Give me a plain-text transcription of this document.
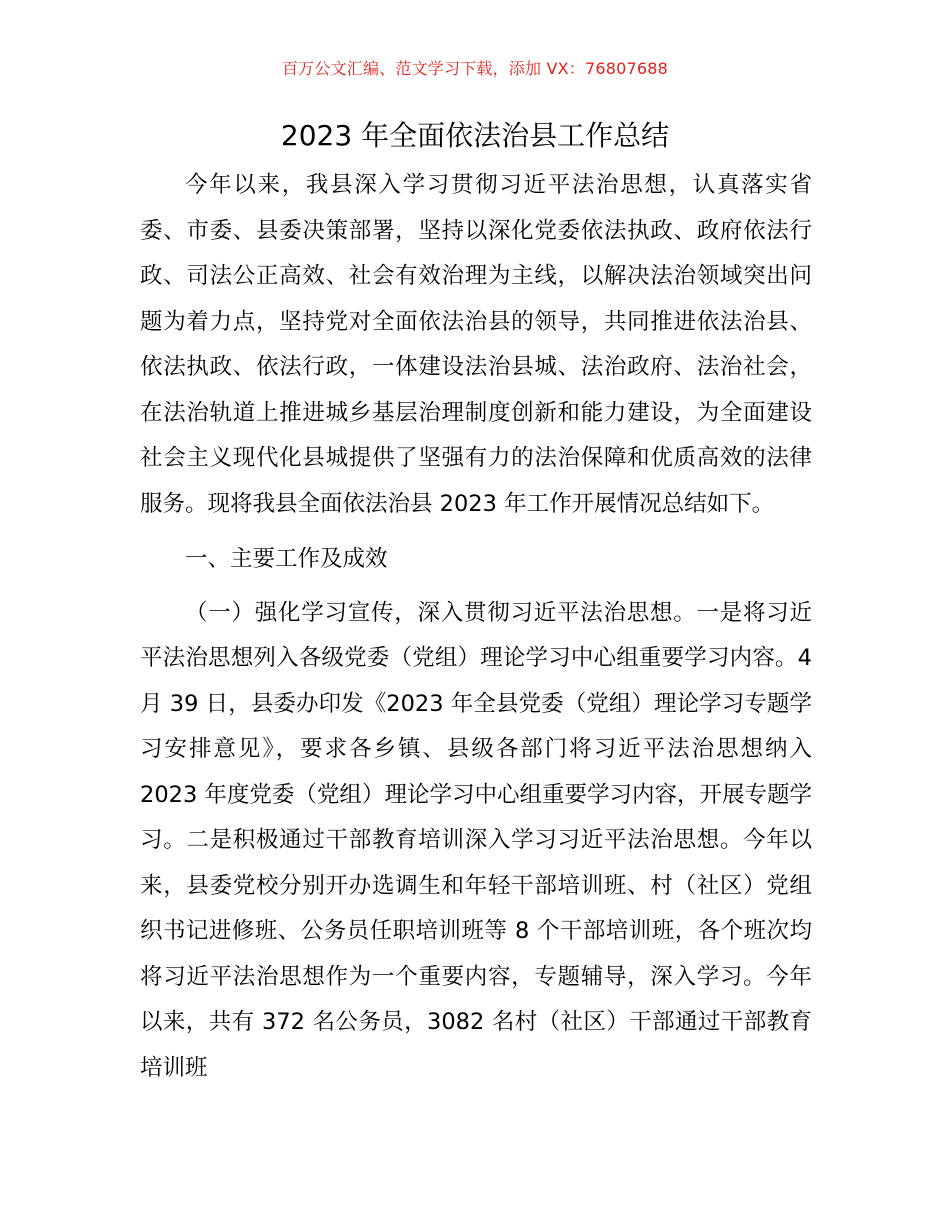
百万公文汇编、范文学习下载，添加 VX：76807688
2023 年全面依法治县工作总结

今年以来，我县深入学习贯彻习近平法治思想，认真落实省委、市委、县委决策部署，坚持以深化党委依法执政、政府依法行政、司法公正高效、社会有效治理为主线，以解决法治领域突出问题为着力点，坚持党对全面依法治县的领导，共同推进依法治县、依法执政、依法行政，一体建设法治县城、法治政府、法治社会，在法治轨道上推进城乡基层治理制度创新和能力建设，为全面建设社会主义现代化县城提供了坚强有力的法治保障和优质高效的法律服务。现将我县全面依法治县 2023 年工作开展情况总结如下。

一、主要工作及成效

（一）强化学习宣传，深入贯彻习近平法治思想。一是将习近平法治思想列入各级党委（党组）理论学习中心组重要学习内容。4 月 39 日，县委办印发《2023 年全县党委（党组）理论学习专题学习安排意见》，要求各乡镇、县级各部门将习近平法治思想纳入 2023 年度党委（党组）理论学习中心组重要学习内容，开展专题学习。二是积极通过干部教育培训深入学习习近平法治思想。今年以来，县委党校分别开办选调生和年轻干部培训班、村（社区）党组织书记进修班、公务员任职培训班等 8 个干部培训班，各个班次均将习近平法治思想作为一个重要内容，专题辅导，深入学习。今年以来，共有 372 名公务员，3082 名村（社区）干部通过干部教育培训班
